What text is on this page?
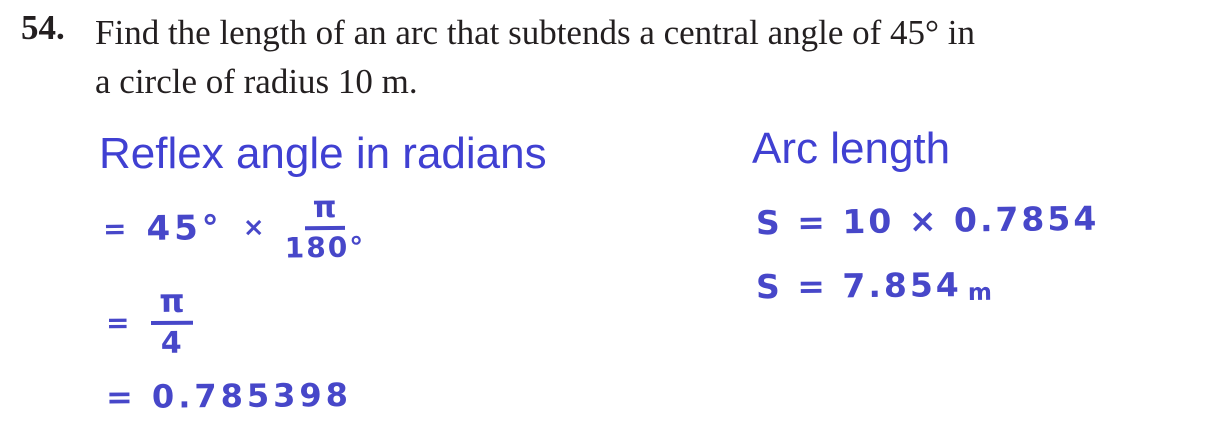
54. Find the length of an arc that subtends a central angle of 45° in
a circle of radius 10 m.
Reflex angle in radians	Arc length
= $45^\circ \times \frac{\pi}{180^\circ}$
= $\frac{\pi}{4}$
= 0.785398
S = 10 × 0.7854
S = 7.854 m
